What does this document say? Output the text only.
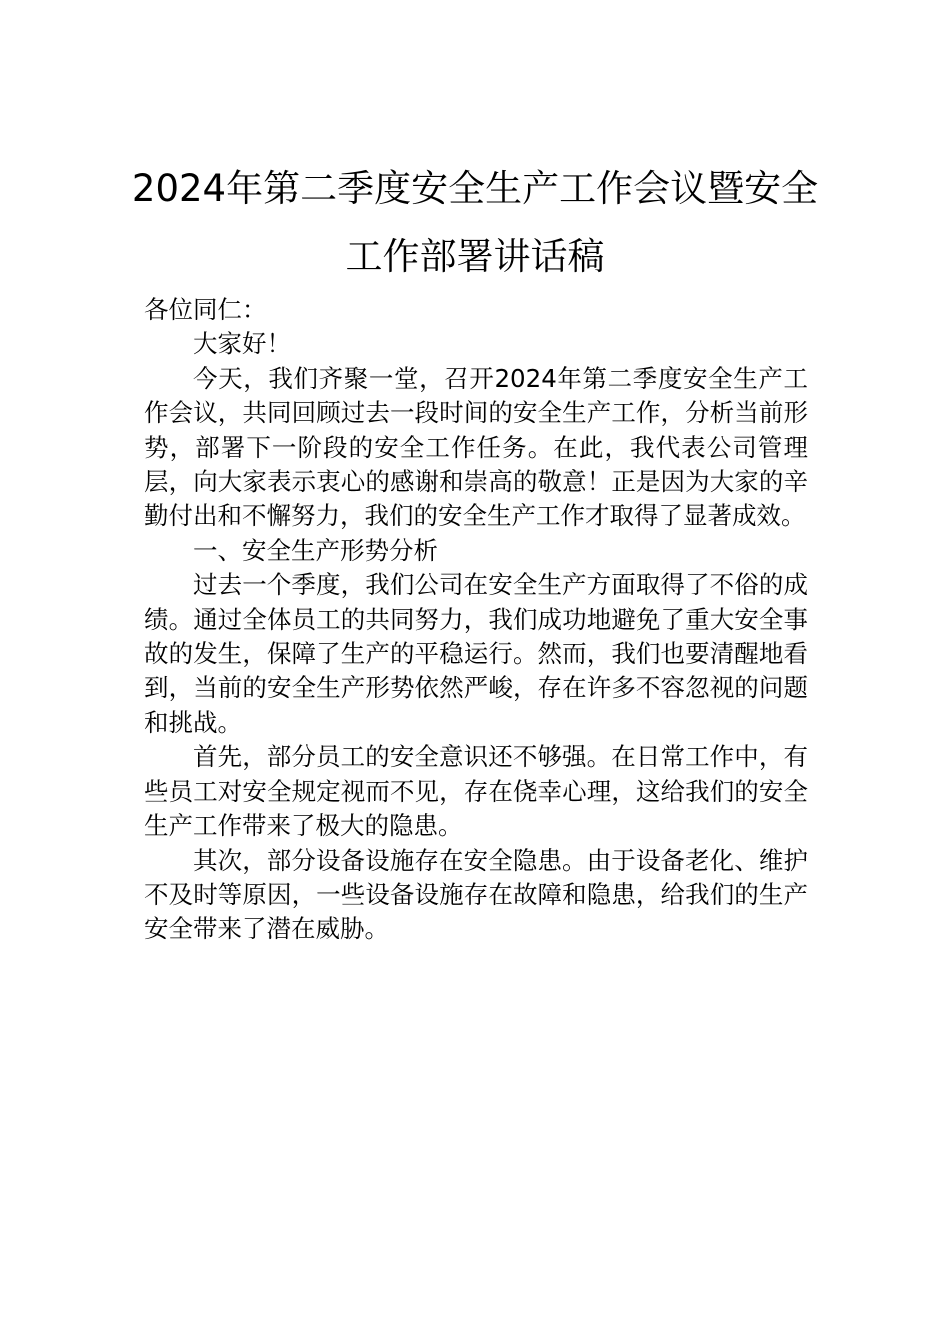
2024年第二季度安全生产工作会议暨安全
工作部署讲话稿

各位同仁：

大家好！

今天，我们齐聚一堂，召开2024年第二季度安全生产工作会议，共同回顾过去一段时间的安全生产工作，分析当前形势，部署下一阶段的安全工作任务。在此，我代表公司管理层，向大家表示衷心的感谢和崇高的敬意！正是因为大家的辛勤付出和不懈努力，我们的安全生产工作才取得了显著成效。

一、安全生产形势分析

过去一个季度，我们公司在安全生产方面取得了不俗的成绩。通过全体员工的共同努力，我们成功地避免了重大安全事故的发生，保障了生产的平稳运行。然而，我们也要清醒地看到，当前的安全生产形势依然严峻，存在许多不容忽视的问题和挑战。

首先，部分员工的安全意识还不够强。在日常工作中，有些员工对安全规定视而不见，存在侥幸心理，这给我们的安全生产工作带来了极大的隐患。

其次，部分设备设施存在安全隐患。由于设备老化、维护不及时等原因，一些设备设施存在故障和隐患，给我们的生产安全带来了潜在威胁。
